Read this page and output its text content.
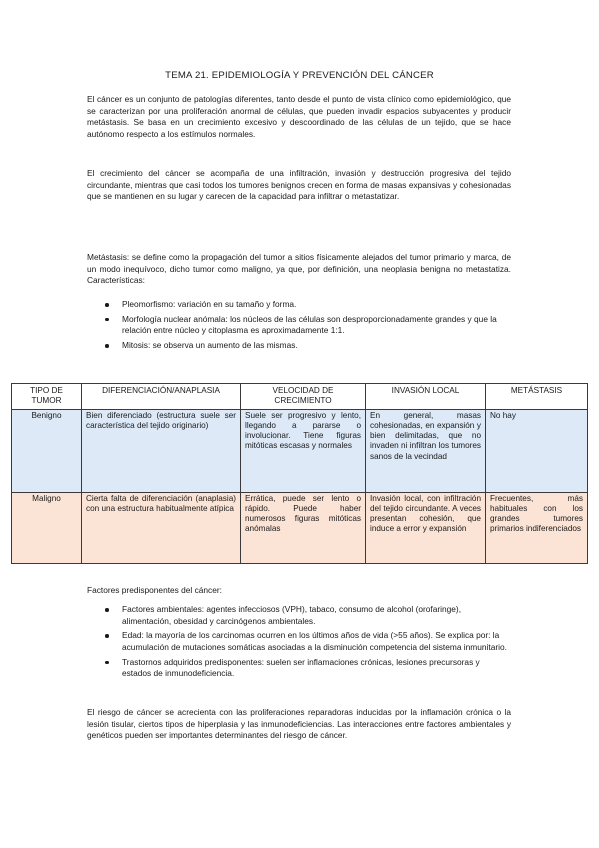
TEMA 21. EPIDEMIOLOGÍA Y PREVENCIÓN DEL CÁNCER

El cáncer es un conjunto de patologías diferentes, tanto desde el punto de vista clínico como epidemiológico, que se caracterizan por una proliferación anormal de células, que pueden invadir espacios subyacentes y producir metástasis. Se basa en un crecimiento excesivo y descoordinado de las células de un tejido, que se hace autónomo respecto a los estímulos normales.

El crecimiento del cáncer se acompaña de una infiltración, invasión y destrucción progresiva del tejido circundante, mientras que casi todos los tumores benignos crecen en forma de masas expansivas y cohesionadas que se mantienen en su lugar y carecen de la capacidad para infiltrar o metastatizar.

Metástasis: se define como la propagación del tumor a sitios físicamente alejados del tumor primario y marca, de un modo inequívoco, dicho tumor como maligno, ya que, por definición, una neoplasia benigna no metastatiza. Características:

Pleomorfismo: variación en su tamaño y forma.
Morfología nuclear anómala: los núcleos de las células son desproporcionadamente grandes y que la relación entre núcleo y citoplasma es aproximadamente 1:1.
Mitosis: se observa un aumento de las mismas.
TIPO DE TUMOR	DIFERENCIACIÓN/ANAPLASIA	VELOCIDAD DE CRECIMIENTO	INVASIÓN LOCAL	METÁSTASIS
Benigno	Bien diferenciado (estructura suele ser característica del tejido originario)	Suele ser progresivo y lento, llegando a pararse o involucionar. Tiene figuras mitóticas escasas y normales	En general, masas cohesionadas, en expansión y bien delimitadas, que no invaden ni infiltran los tumores sanos de la vecindad	No hay
Maligno	Cierta falta de diferenciación (anaplasia) con una estructura habitualmente atípica	Errática, puede ser lento o rápido. Puede haber numerosos figuras mitóticas anómalas	Invasión local, con infiltración del tejido circundante. A veces presentan cohesión, que induce a error y expansión	Frecuentes, más habituales con los grandes tumores primarios indiferenciados

Factores predisponentes del cáncer:

Factores ambientales: agentes infecciosos (VPH), tabaco, consumo de alcohol (orofaringe), alimentación, obesidad y carcinógenos ambientales.
Edad: la mayoría de los carcinomas ocurren en los últimos años de vida (>55 años). Se explica por: la acumulación de mutaciones somáticas asociadas a la disminución competencia del sistema inmunitario.
Trastornos adquiridos predisponentes: suelen ser inflamaciones crónicas, lesiones precursoras y estados de inmunodeficiencia.

El riesgo de cáncer se acrecienta con las proliferaciones reparadoras inducidas por la inflamación crónica o la lesión tisular, ciertos tipos de hiperplasia y las inmunodeficiencias. Las interacciones entre factores ambientales y genéticos pueden ser importantes determinantes del riesgo de cáncer.
